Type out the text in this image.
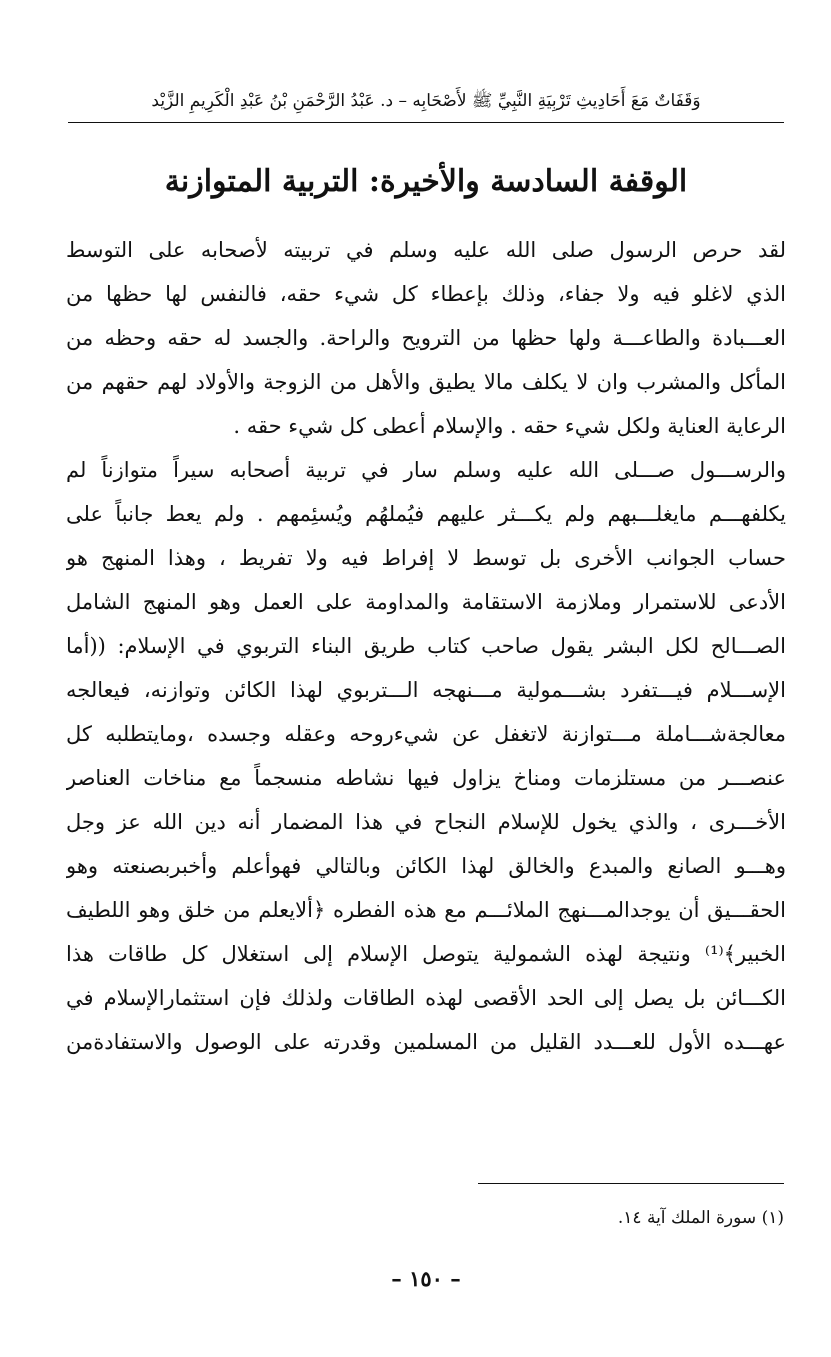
وَقَفَاتٌ مَعَ أَحَادِيثِ تَرْبِيَةِ النَّبِيِّ ﷺ لأَصْحَابِه – د. عَبْدُ الرَّحْمَنِ بْنُ عَبْدِ الْكَرِيمِ الزَّيْد
الوقفة السادسة والأخيرة: التربية المتوازنة
لقد حرص الرسول صلى الله عليه وسلم في تربيته لأصحابه على التوسط
الذي لاغلو فيه ولا جفاء، وذلك بإعطاء كل شيء حقه، فالنفس لها حظها من
العـــبادة والطاعـــة ولها حظها من الترويح والراحة. والجسد له حقه وحظه من
المأكل والمشرب وان لا يكلف مالا يطيق والأهل من الزوجة والأولاد لهم حقهم من
الرعاية العناية ولكل شيء حقه . والإسلام أعطى كل شيء حقه .
والرســـول صـــلى الله عليه وسلم سار في تربية أصحابه سيراً متوازناً لم
يكلفهـــم مايغلـــبهم ولم يكـــثر عليهم فيُملهُم ويُسئِمهم . ولم يعط جانباً على
حساب الجوانب الأخرى بل توسط لا إفراط فيه ولا تفريط ، وهذا المنهج هو
الأدعى للاستمرار وملازمة الاستقامة والمداومة على العمل وهو المنهج الشامل
الصـــالح لكل البشر يقول صاحب كتاب طريق البناء التربوي في الإسلام: ((أما
الإســـلام فيـــتفرد بشـــمولية مـــنهجه الـــتربوي لهذا الكائن وتوازنه، فيعالجه
معالجةشـــاملة مـــتوازنة لاتغفل عن شيءروحه وعقله وجسده ،ومايتطلبه كل
عنصـــر من مستلزمات ومناخ يزاول فيها نشاطه منسجماً مع مناخات العناصر
الأخـــرى ، والذي يخول للإسلام النجاح في هذا المضمار أنه دين الله عز وجل
وهـــو الصانع والمبدع والخالق لهذا الكائن وبالتالي فهوأعلم وأخبربصنعته وهو
الحقـــيق أن يوجدالمـــنهج الملائـــم مع هذه الفطره ﴿ألايعلم من خلق وهو اللطيف
الخبير﴾⁽¹⁾ ونتيجة لهذه الشمولية يتوصل الإسلام إلى استغلال كل طاقات هذا
الكـــائن بل يصل إلى الحد الأقصى لهذه الطاقات ولذلك فإن استثمارالإسلام في
عهـــده الأول للعـــدد القليل من المسلمين وقدرته على الوصول والاستفادةمن
(١) سورة الملك آية ١٤.
– ١٥٠ –
